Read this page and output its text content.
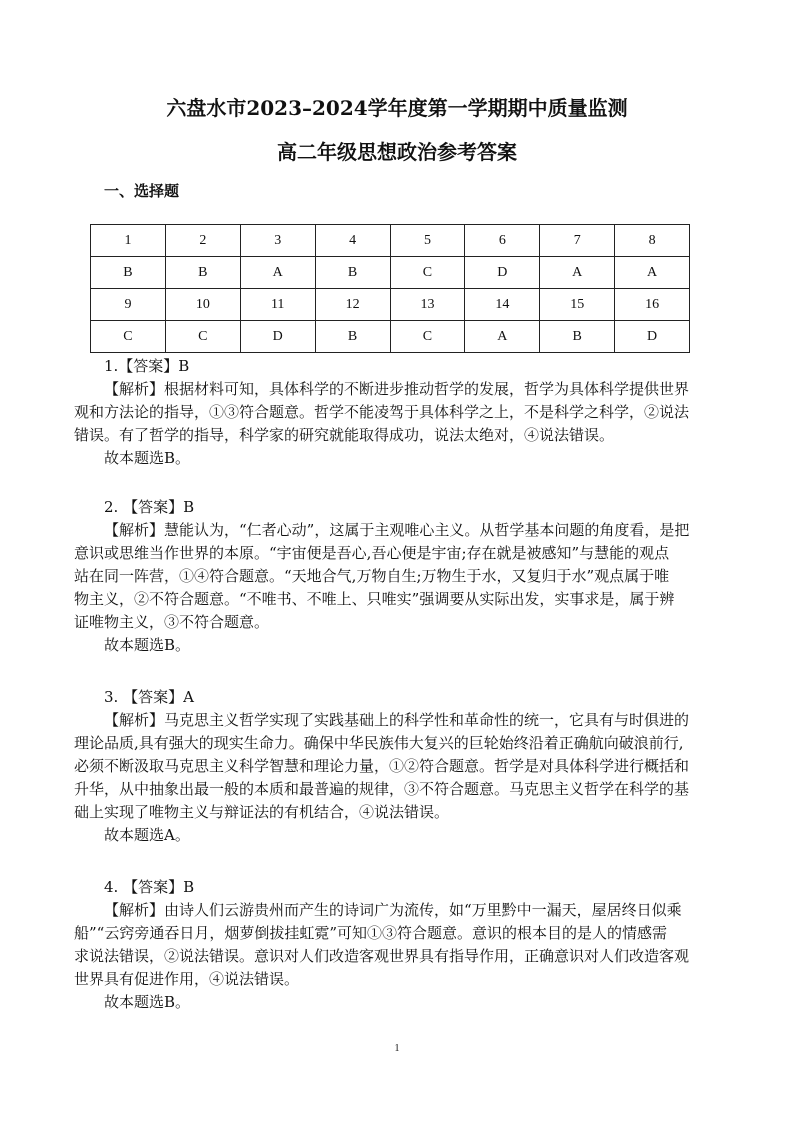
六盘水市2023–2024学年度第一学期期中质量监测
高二年级思想政治参考答案
一、选择题
1	2	3	4	5	6	7	8
B	B	A	B	C	D	A	A
9	10	11	12	13	14	15	16
C	C	D	B	C	A	B	D

1.【答案】B

【解析】根据材料可知，具体科学的不断进步推动哲学的发展，哲学为具体科学提供世界

观和方法论的指导，①③符合题意。哲学不能凌驾于具体科学之上，不是科学之科学，②说法

错误。有了哲学的指导，科学家的研究就能取得成功，说法太绝对，④说法错误。

故本题选B。

2. 【答案】B

【解析】慧能认为，“仁者心动”，这属于主观唯心主义。从哲学基本问题的角度看，是把

意识或思维当作世界的本原。“宇宙便是吾心,吾心便是宇宙;存在就是被感知”与慧能的观点

站在同一阵营，①④符合题意。“天地合气,万物自生;万物生于水，又复归于水”观点属于唯

物主义，②不符合题意。“不唯书、不唯上、只唯实”强调要从实际出发，实事求是，属于辨

证唯物主义，③不符合题意。

故本题选B。

3. 【答案】A

【解析】马克思主义哲学实现了实践基础上的科学性和革命性的统一，它具有与时俱进的

理论品质,具有强大的现实生命力。确保中华民族伟大复兴的巨轮始终沿着正确航向破浪前行,

必须不断汲取马克思主义科学智慧和理论力量，①②符合题意。哲学是对具体科学进行概括和

升华，从中抽象出最一般的本质和最普遍的规律，③不符合题意。马克思主义哲学在科学的基

础上实现了唯物主义与辩证法的有机结合，④说法错误。

故本题选A。

4. 【答案】B

【解析】由诗人们云游贵州而产生的诗词广为流传，如“万里黔中一漏天，屋居终日似乘

船”“云窍旁通吞日月，烟萝倒拔挂虹霓”可知①③符合题意。意识的根本目的是人的情感需

求说法错误，②说法错误。意识对人们改造客观世界具有指导作用，正确意识对人们改造客观

世界具有促进作用，④说法错误。

故本题选B。

1
